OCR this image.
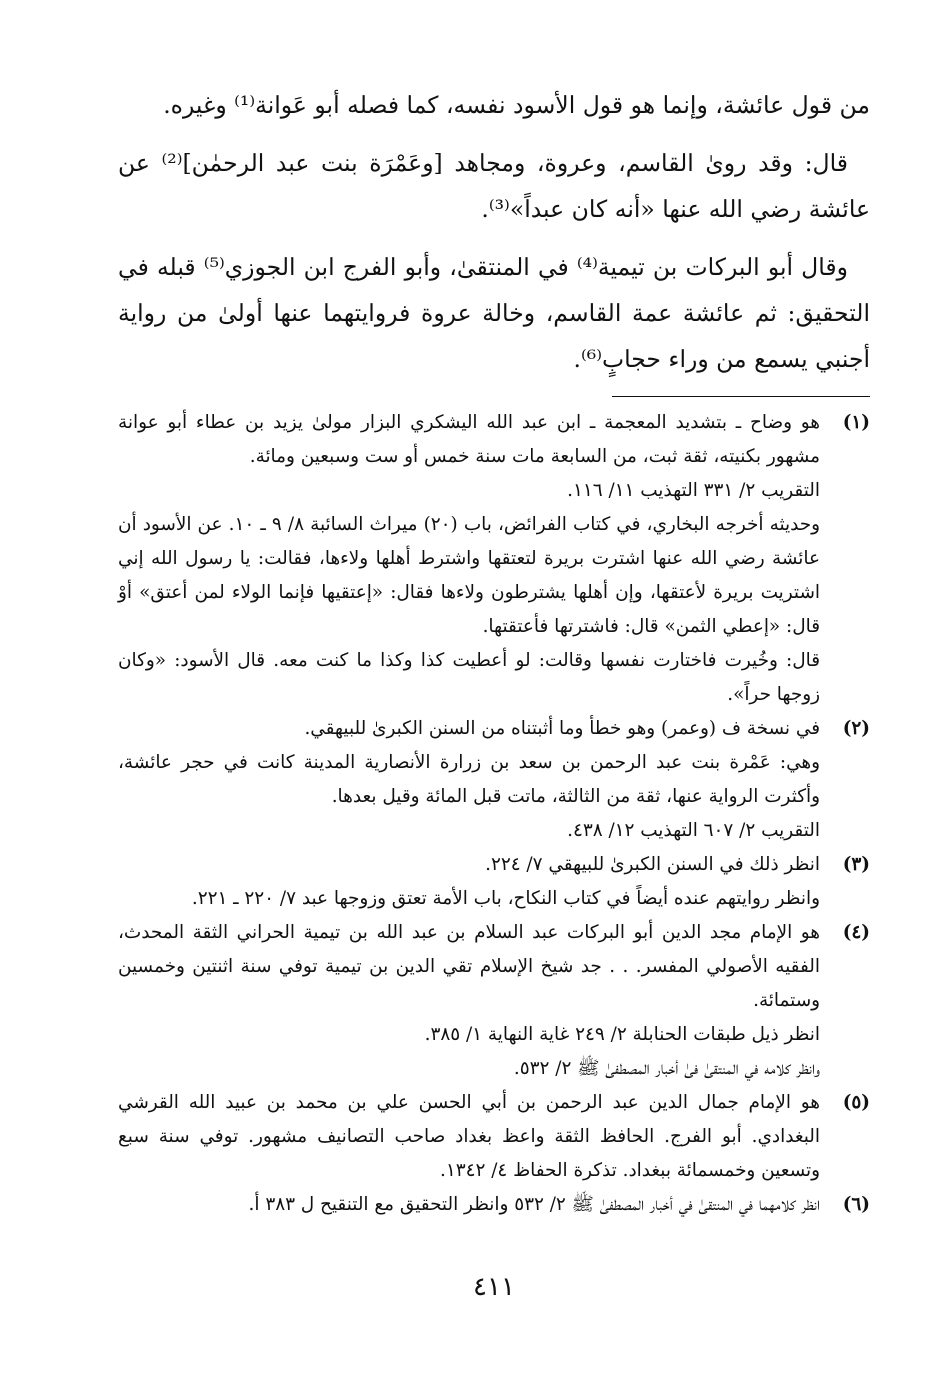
من قول عائشة، وإنما هو قول الأسود نفسه، كما فصله أبو عَوانة⁽¹⁾ وغيره.

قال: وقد روىٰ القاسم، وعروة، ومجاهد [وعَمْرَة بنت عبد الرحمٰن]⁽²⁾ عن عائشة رضي الله عنها «أنه كان عبداً»⁽³⁾.

وقال أبو البركات بن تيمية⁽⁴⁾ في المنتقىٰ، وأبو الفرج ابن الجوزي⁽⁵⁾ قبله في التحقيق: ثم عائشة عمة القاسم، وخالة عروة فروايتهما عنها أولىٰ من رواية أجنبي يسمع من وراء حجابٍ⁽⁶⁾.

(١)
هو وضاح ـ بتشديد المعجمة ـ ابن عبد الله اليشكري البزار مولىٰ يزيد بن عطاء أبو عوانة مشهور بكنيته، ثقة ثبت، من السابعة مات سنة خمس أو ست وسبعين ومائة.
التقريب ٢/ ٣٣١ التهذيب ١١/ ١١٦.
وحديثه أخرجه البخاري، في كتاب الفرائض، باب (٢٠) ميراث السائبة ٨/ ٩ ـ ١٠. عن الأسود أن عائشة رضي الله عنها اشترت بريرة لتعتقها واشترط أهلها ولاءها، فقالت: يا رسول الله إني اشتريت بريرة لأعتقها، وإن أهلها يشترطون ولاءها فقال: «إعتقيها فإنما الولاء لمن أعتق» أوْ قال: «إعطي الثمن» قال: فاشترتها فأعتقتها.
قال: وخُيرت فاختارت نفسها وقالت: لو أعطيت كذا وكذا ما كنت معه. قال الأسود: «وكان زوجها حراً».
(٢)
في نسخة ف (وعمر) وهو خطأ وما أثبتناه من السنن الكبرىٰ للبيهقي.
وهي: عَمْرة بنت عبد الرحمن بن سعد بن زرارة الأنصارية المدينة كانت في حجر عائشة، وأكثرت الرواية عنها، ثقة من الثالثة، ماتت قبل المائة وقيل بعدها.
التقريب ٢/ ٦٠٧ التهذيب ١٢/ ٤٣٨.
(٣)
انظر ذلك في السنن الكبرىٰ للبيهقي ٧/ ٢٢٤.
وانظر روايتهم عنده أيضاً في كتاب النكاح، باب الأمة تعتق وزوجها عبد ٧/ ٢٢٠ ـ ٢٢١.
(٤)
هو الإمام مجد الدين أبو البركات عبد السلام بن عبد الله بن تيمية الحراني الثقة المحدث، الفقيه الأصولي المفسر. . . جد شيخ الإسلام تقي الدين بن تيمية توفي سنة اثنتين وخمسين وستمائة.
انظر ذيل طبقات الحنابلة ٢/ ٢٤٩ غاية النهاية ١/ ٣٨٥.
وانظر كلامه في المنتقىٰ فىٰ أخبار المصطفىٰ ﷺ ٢/ ٥٣٢.
(٥)
هو الإمام جمال الدين عبد الرحمن بن أبي الحسن علي بن محمد بن عبيد الله القرشي البغدادي. أبو الفرج. الحافظ الثقة واعظ بغداد صاحب التصانيف مشهور. توفي سنة سبع وتسعين وخمسمائة ببغداد. تذكرة الحفاظ ٤/ ١٣٤٢.
(٦)
انظر كلامهما في المنتقىٰ في أخبار المصطفىٰ ﷺ ٢/ ٥٣٢ وانظر التحقيق مع التنقيح ل ٣٨٣ أ.
٤١١
